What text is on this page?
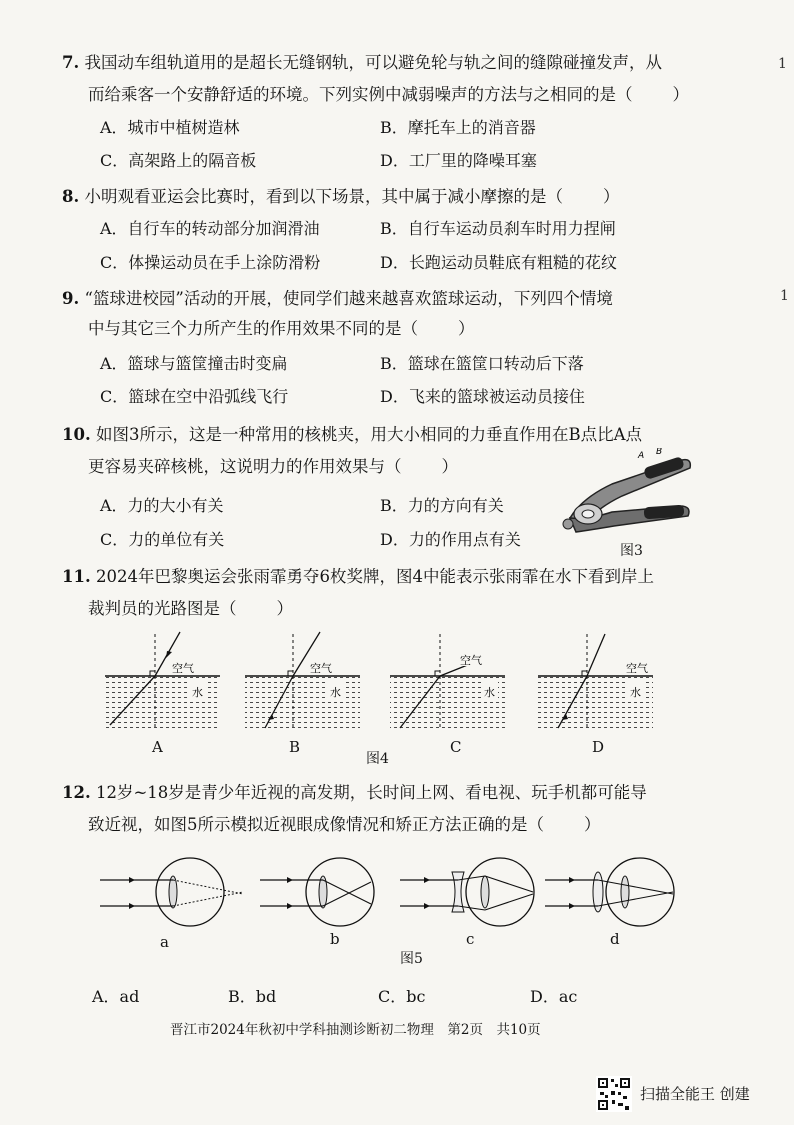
7. 我国动车组轨道用的是超长无缝钢轨，可以避免轮与轨之间的缝隙碰撞发声，从
而给乘客一个安静舒适的环境。下列实例中减弱噪声的方法与之相同的是（ ）
A．城市中植树造林	B．摩托车上的消音器
C．高架路上的隔音板	D．工厂里的降噪耳塞
8. 小明观看亚运会比赛时，看到以下场景，其中属于减小摩擦的是（ ）
A．自行车的转动部分加润滑油	B．自行车运动员刹车时用力捏闸
C．体操运动员在手上涂防滑粉	D．长跑运动员鞋底有粗糙的花纹
9. “篮球进校园”活动的开展，使同学们越来越喜欢篮球运动，下列四个情境
中与其它三个力所产生的作用效果不同的是（ ）
A．篮球与篮筐撞击时变扁	B．篮球在篮筐口转动后下落
C．篮球在空中沿弧线飞行	D．飞来的篮球被运动员接住
10. 如图3所示，这是一种常用的核桃夹，用大小相同的力垂直作用在B点比A点
更容易夹碎核桃，这说明力的作用效果与（ ）
A．力的大小有关	B．力的方向有关
C．力的单位有关	D．力的作用点有关
A B
图3
11. 2024年巴黎奥运会张雨霏勇夺6枚奖牌，图4中能表示张雨霏在水下看到岸上
裁判员的光路图是（ ）
空气
水
空气
水
空气
水
空气
水
A	B	C	D
图4
12. 12岁~18岁是青少年近视的高发期，长时间上网、看电视、玩手机都可能导
致近视，如图5所示模拟近视眼成像情况和矫正方法正确的是（ ）
a	b	c	d
图5
A．ad	B．bd	C．bc	D．ac
晋江市2024年秋初中学科抽测诊断初二物理　第2页　共10页
1
1
扫描全能王 创建
